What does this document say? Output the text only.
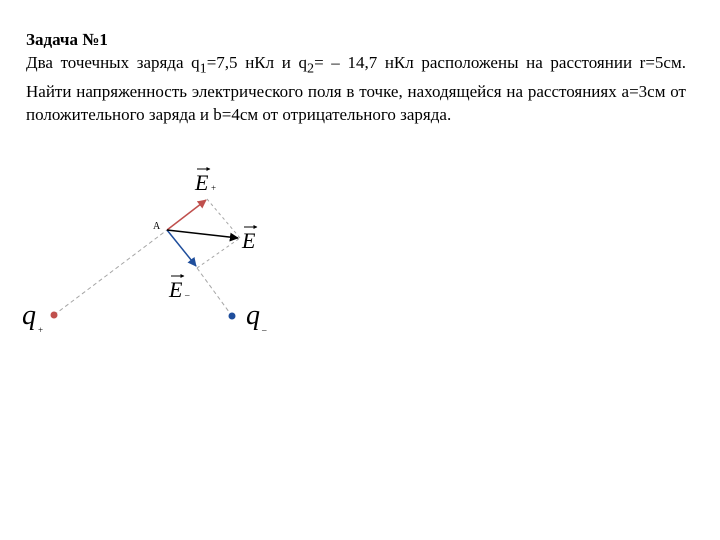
Задача №1
Два точечных заряда $q_1=7,5$ нКл и $q_2= - 14,7$ нКл расположены на расстоянии r=5см. Найти напряженность электрического поля в точке, находящейся на расстояниях a=3см от положительного заряда и b=4см от отрицательного заряда.
A
E +
E
E –
q +	q –
